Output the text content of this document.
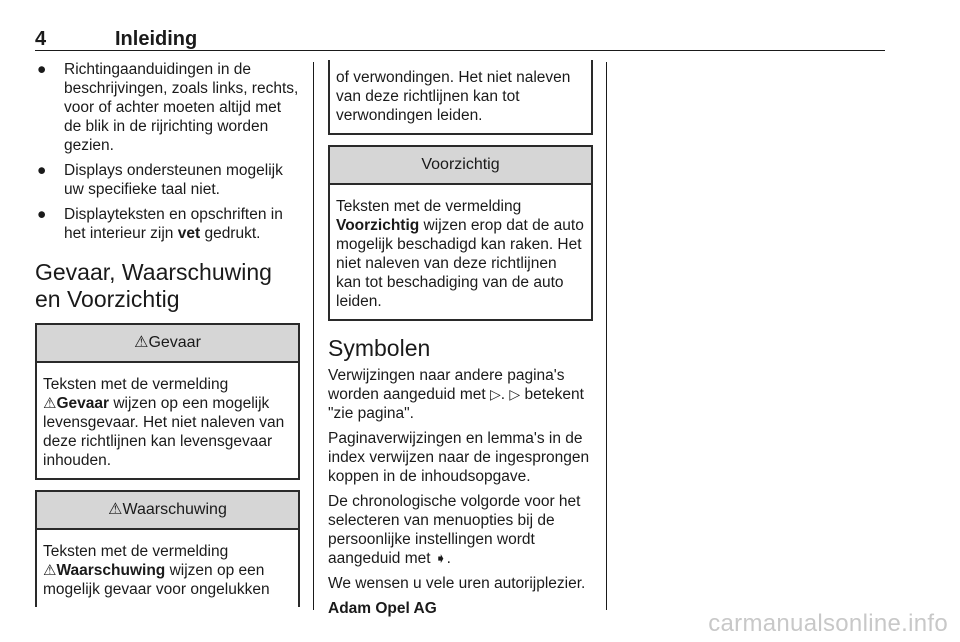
4	Inleiding
● Richtingaanduidingen in de beschrijvingen, zoals links, rechts, voor of achter moeten altijd met de blik in de rijrichting worden gezien.
● Displays ondersteunen mogelijk uw specifieke taal niet.
● Displayteksten en opschriften in het interieur zijn vet gedrukt.
Gevaar, Waarschuwing en Voorzichtig
⚠Gevaar
Teksten met de vermelding
⚠Gevaar wijzen op een mogelijk levensgevaar. Het niet naleven van deze richtlijnen kan levensgevaar inhouden.
⚠Waarschuwing
Teksten met de vermelding
⚠Waarschuwing wijzen op een mogelijk gevaar voor ongelukken
of verwondingen. Het niet naleven van deze richtlijnen kan tot verwondingen leiden.
Voorzichtig
Teksten met de vermelding
Voorzichtig wijzen erop dat de auto mogelijk beschadigd kan raken. Het niet naleven van deze richtlijnen kan tot beschadiging van de auto leiden.
Symbolen

Verwijzingen naar andere pagina's worden aangeduid met ▷. ▷ betekent "zie pagina".

Paginaverwijzingen en lemma's in de index verwijzen naar de ingesprongen koppen in de inhoudsopgave.

De chronologische volgorde voor het selecteren van menuopties bij de persoonlijke instellingen wordt aangeduid met ➧.

We wensen u vele uren autorijplezier.

Adam Opel AG

carmanualsonline.info
